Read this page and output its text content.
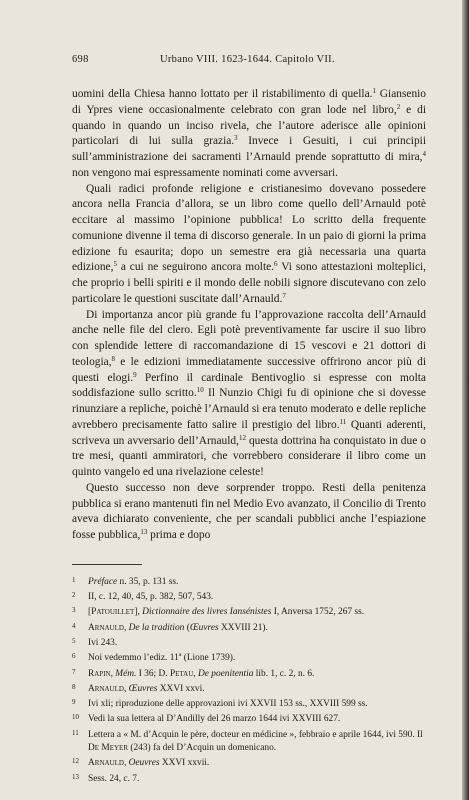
698	Urbano VIII. 1623-1644. Capitolo VII.

uomini della Chiesa hanno lottato per il ristabilimento di quella.$^1$ Giansenio di Ypres viene occasionalmente celebrato con gran lode nel libro,$^2$ e di quando in quando un inciso rivela, che l’autore aderisce alle opinioni particolari di lui sulla grazia.$^3$ Invece i Gesuiti, i cui principii sull’amministrazione dei sacramenti l’Arnauld prende soprattutto di mira,$^4$ non vengono mai espressamente nominati come avversari.

Quali radici profonde religione e cristianesimo dovevano possedere ancora nella Francia d’allora, se un libro come quello dell’Arnauld potè eccitare al massimo l’opinione pubblica! Lo scritto della frequente comunione divenne il tema di discorso generale. In un paio di giorni la prima edizione fu esaurita; dopo un semestre era già necessaria una quarta edizione,$^5$ a cui ne seguirono ancora molte.$^6$ Vi sono attestazioni molteplici, che proprio i belli spiriti e il mondo delle nobili signore discutevano con zelo particolare le questioni suscitate dall’Arnauld.$^7$

Di importanza ancor più grande fu l’approvazione raccolta dell’Arnauld anche nelle file del clero. Egli potè preventivamente far uscire il suo libro con splendide lettere di raccomandazione di 15 vescovi e 21 dottori di teologia,$^8$ e le edizioni immediatamente successive offrirono ancor più di questi elogi.$^9$ Perfino il cardinale Bentivoglio si espresse con molta soddisfazione sullo scritto.$^{10}$ Il Nunzio Chigi fu di opinione che si dovesse rinunziare a repliche, poichè l’Arnauld si era tenuto moderato e delle repliche avrebbero precisamente fatto salire il prestigio del libro.$^{11}$ Quanti aderenti, scriveva un avversario dell’Arnauld,$^{12}$ questa dottrina ha conquistato in due o tre mesi, quanti ammiratori, che vorrebbero considerare il libro come un quinto vangelo ed una rivelazione celeste!

Questo successo non deve sorprender troppo. Resti della penitenza pubblica si erano mantenuti fin nel Medio Evo avanzato, il Concilio di Trento aveva dichiarato conveniente, che per scandali pubblici anche l’espiazione fosse pubblica,$^{13}$ prima e dopo

1 Préface n. 35, p. 131 ss.
2 II, c. 12, 40, 45, p. 382, 507, 543.
3 [Patouillet], Dictionnaire des livres Iansénistes I, Anversa 1752, 267 ss.
4 Arnauld, De la tradition (Œuvres XXVIII 21).
5 Ivi 243.
6 Noi vedemmo l’ediz. 11ª (Lione 1739).
7 Rapin, Mém. I 36; D. Petau, De poenitentia lib. 1, c. 2, n. 6.
8 Arnauld, Œuvres XXVI xxvi.
9 Ivi xli; riproduzione delle approvazioni ivi XXVII 153 ss., XXVIII 599 ss.
10 Vedi la sua lettera al D’Andilly del 26 marzo 1644 ivi XXVIII 627.
11 Lettera a « M. d’Acquin le père, docteur en médicine », febbraio e aprile 1644, ivi 590. Il De Meyer (243) fa del D’Acquin un domenicano.
12 Arnauld, Oeuvres XXVI xxvii.
13 Sess. 24, c. 7.
